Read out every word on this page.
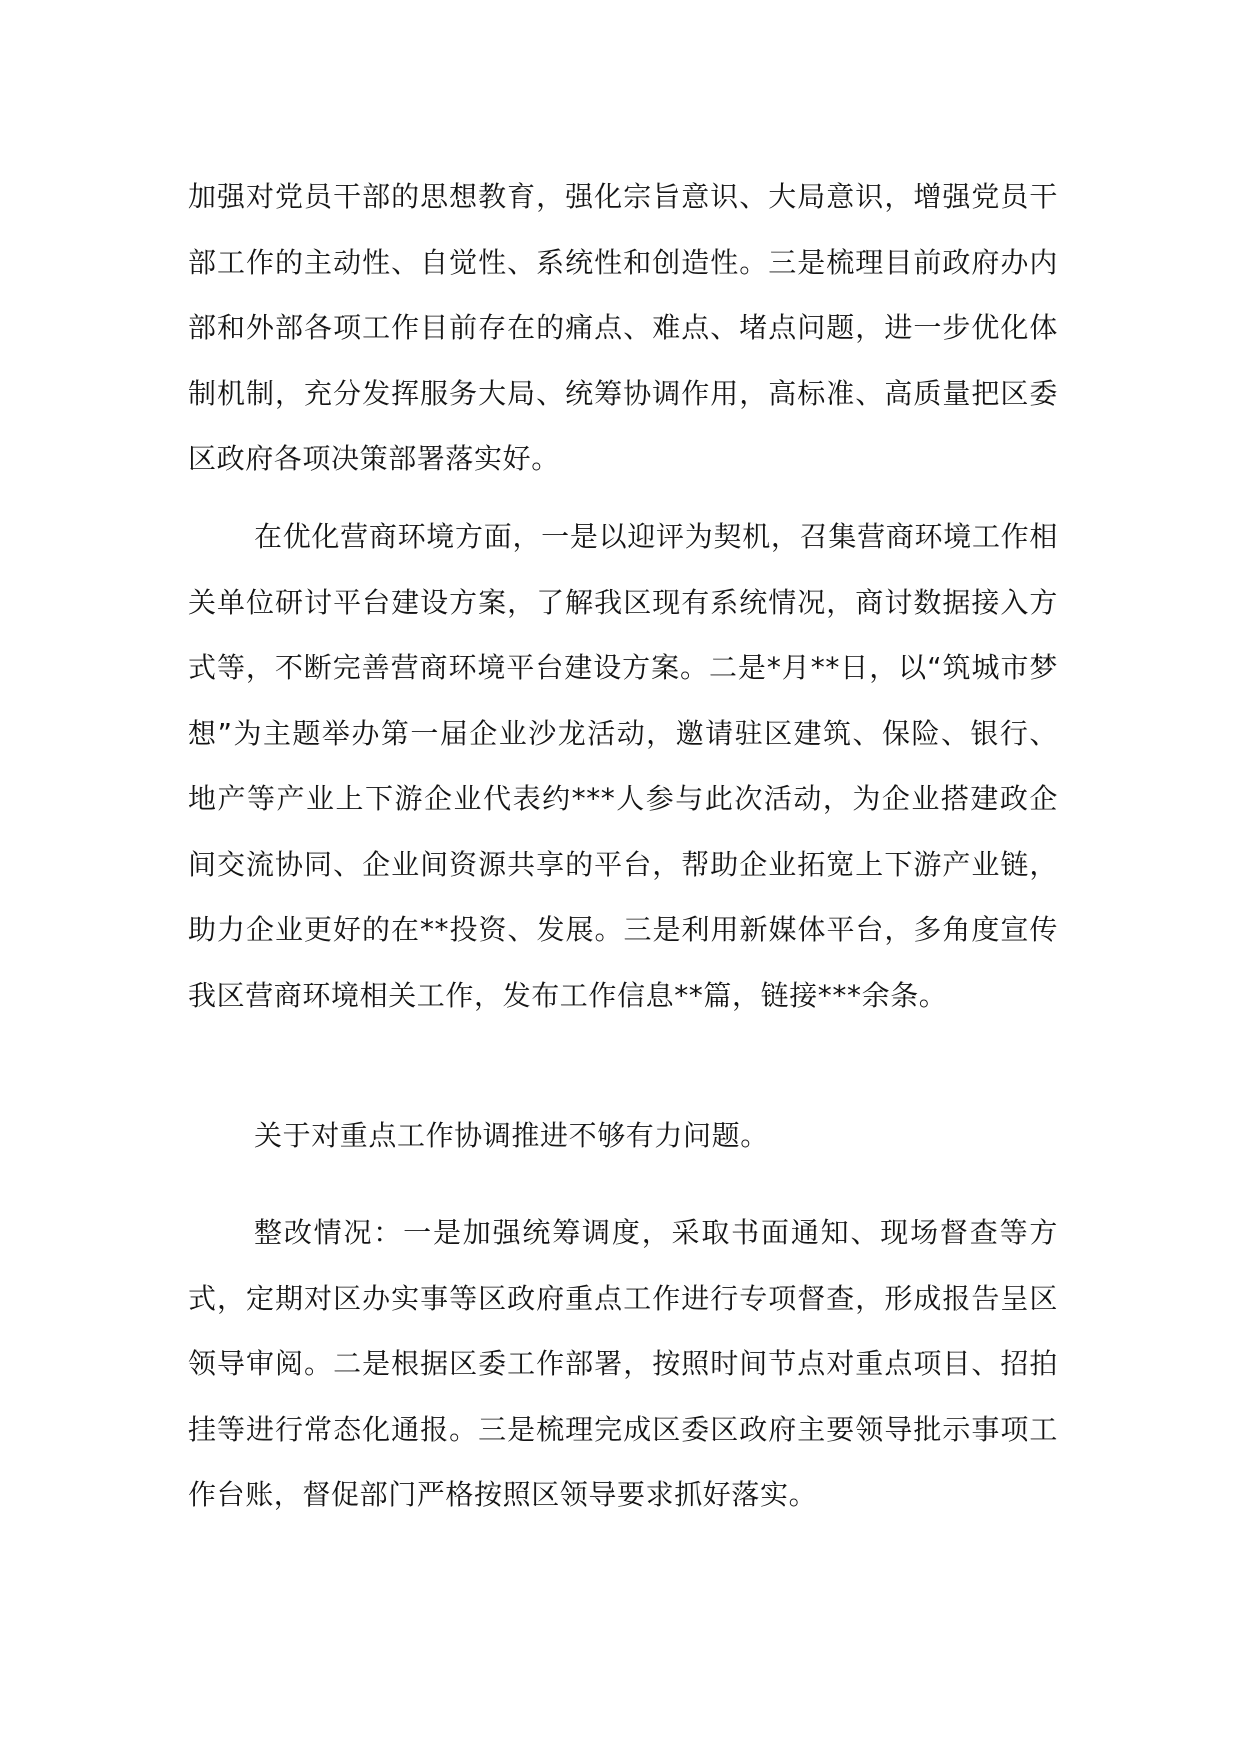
加强对党员干部的思想教育，强化宗旨意识、大局意识，增强党员干部工作的主动性、自觉性、系统性和创造性。三是梳理目前政府办内部和外部各项工作目前存在的痛点、难点、堵点问题，进一步优化体制机制，充分发挥服务大局、统筹协调作用，高标准、高质量把区委区政府各项决策部署落实好。

在优化营商环境方面，一是以迎评为契机，召集营商环境工作相关单位研讨平台建设方案，了解我区现有系统情况，商讨数据接入方式等，不断完善营商环境平台建设方案。二是*月**日，以“筑城市梦想”为主题举办第一届企业沙龙活动，邀请驻区建筑、保险、银行、地产等产业上下游企业代表约***人参与此次活动，为企业搭建政企间交流协同、企业间资源共享的平台，帮助企业拓宽上下游产业链，助力企业更好的在**投资、发展。三是利用新媒体平台，多角度宣传我区营商环境相关工作，发布工作信息**篇，链接***余条。

关于对重点工作协调推进不够有力问题。

整改情况：一是加强统筹调度，采取书面通知、现场督查等方式，定期对区办实事等区政府重点工作进行专项督查，形成报告呈区领导审阅。二是根据区委工作部署，按照时间节点对重点项目、招拍挂等进行常态化通报。三是梳理完成区委区政府主要领导批示事项工作台账，督促部门严格按照区领导要求抓好落实。
